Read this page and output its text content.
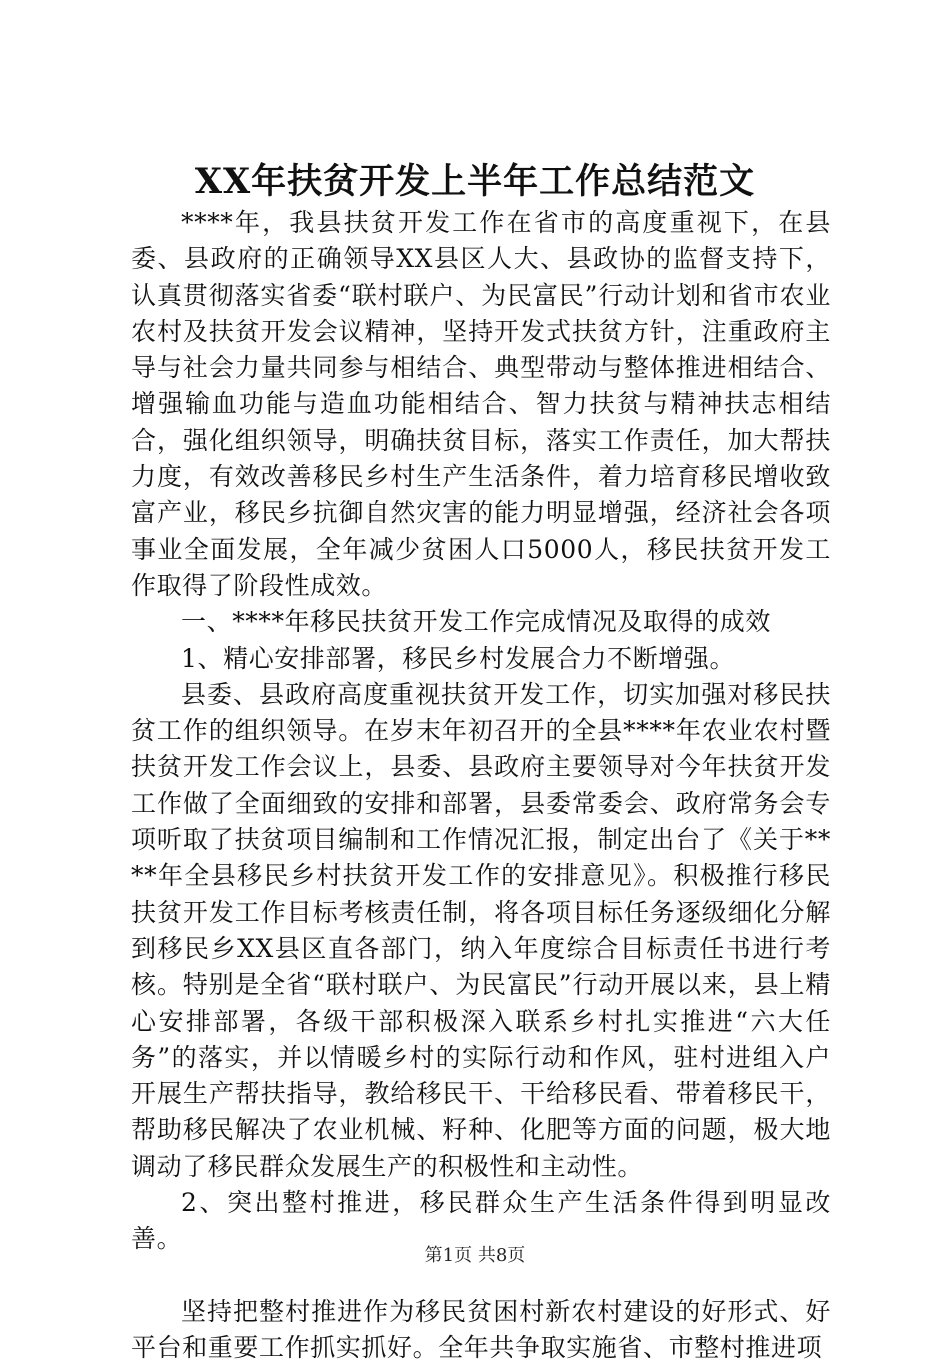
XX年扶贫开发上半年工作总结范文

****年，我县扶贫开发工作在省市的高度重视下，在县委、县政府的正确领导XX县区人大、县政协的监督支持下，认真贯彻落实省委“联村联户、为民富民”行动计划和省市农业农村及扶贫开发会议精神，坚持开发式扶贫方针，注重政府主导与社会力量共同参与相结合、典型带动与整体推进相结合、增强输血功能与造血功能相结合、智力扶贫与精神扶志相结合，强化组织领导，明确扶贫目标，落实工作责任，加大帮扶力度，有效改善移民乡村生产生活条件，着力培育移民增收致富产业，移民乡抗御自然灾害的能力明显增强，经济社会各项事业全面发展，全年减少贫困人口5000人，移民扶贫开发工作取得了阶段性成效。

一、****年移民扶贫开发工作完成情况及取得的成效

1、精心安排部署，移民乡村发展合力不断增强。

县委、县政府高度重视扶贫开发工作，切实加强对移民扶贫工作的组织领导。在岁末年初召开的全县****年农业农村暨扶贫开发工作会议上，县委、县政府主要领导对今年扶贫开发工作做了全面细致的安排和部署，县委常委会、政府常务会专项听取了扶贫项目编制和工作情况汇报，制定出台了《关于****年全县移民乡村扶贫开发工作的安排意见》。积极推行移民扶贫开发工作目标考核责任制，将各项目标任务逐级细化分解到移民乡XX县区直各部门，纳入年度综合目标责任书进行考核。特别是全省“联村联户、为民富民”行动开展以来，县上精心安排部署，各级干部积极深入联系乡村扎实推进“六大任务”的落实，并以情暖乡村的实际行动和作风，驻村进组入户开展生产帮扶指导，教给移民干、干给移民看、带着移民干，帮助移民解决了农业机械、籽种、化肥等方面的问题，极大地调动了移民群众发展生产的积极性和主动性。

2、突出整村推进，移民群众生产生活条件得到明显改善。

坚持把整村推进作为移民贫困村新农村建设的好形式、好平台和重要工作抓实抓好。全年共争取实施省、市整村推进项

第1页 共8页
